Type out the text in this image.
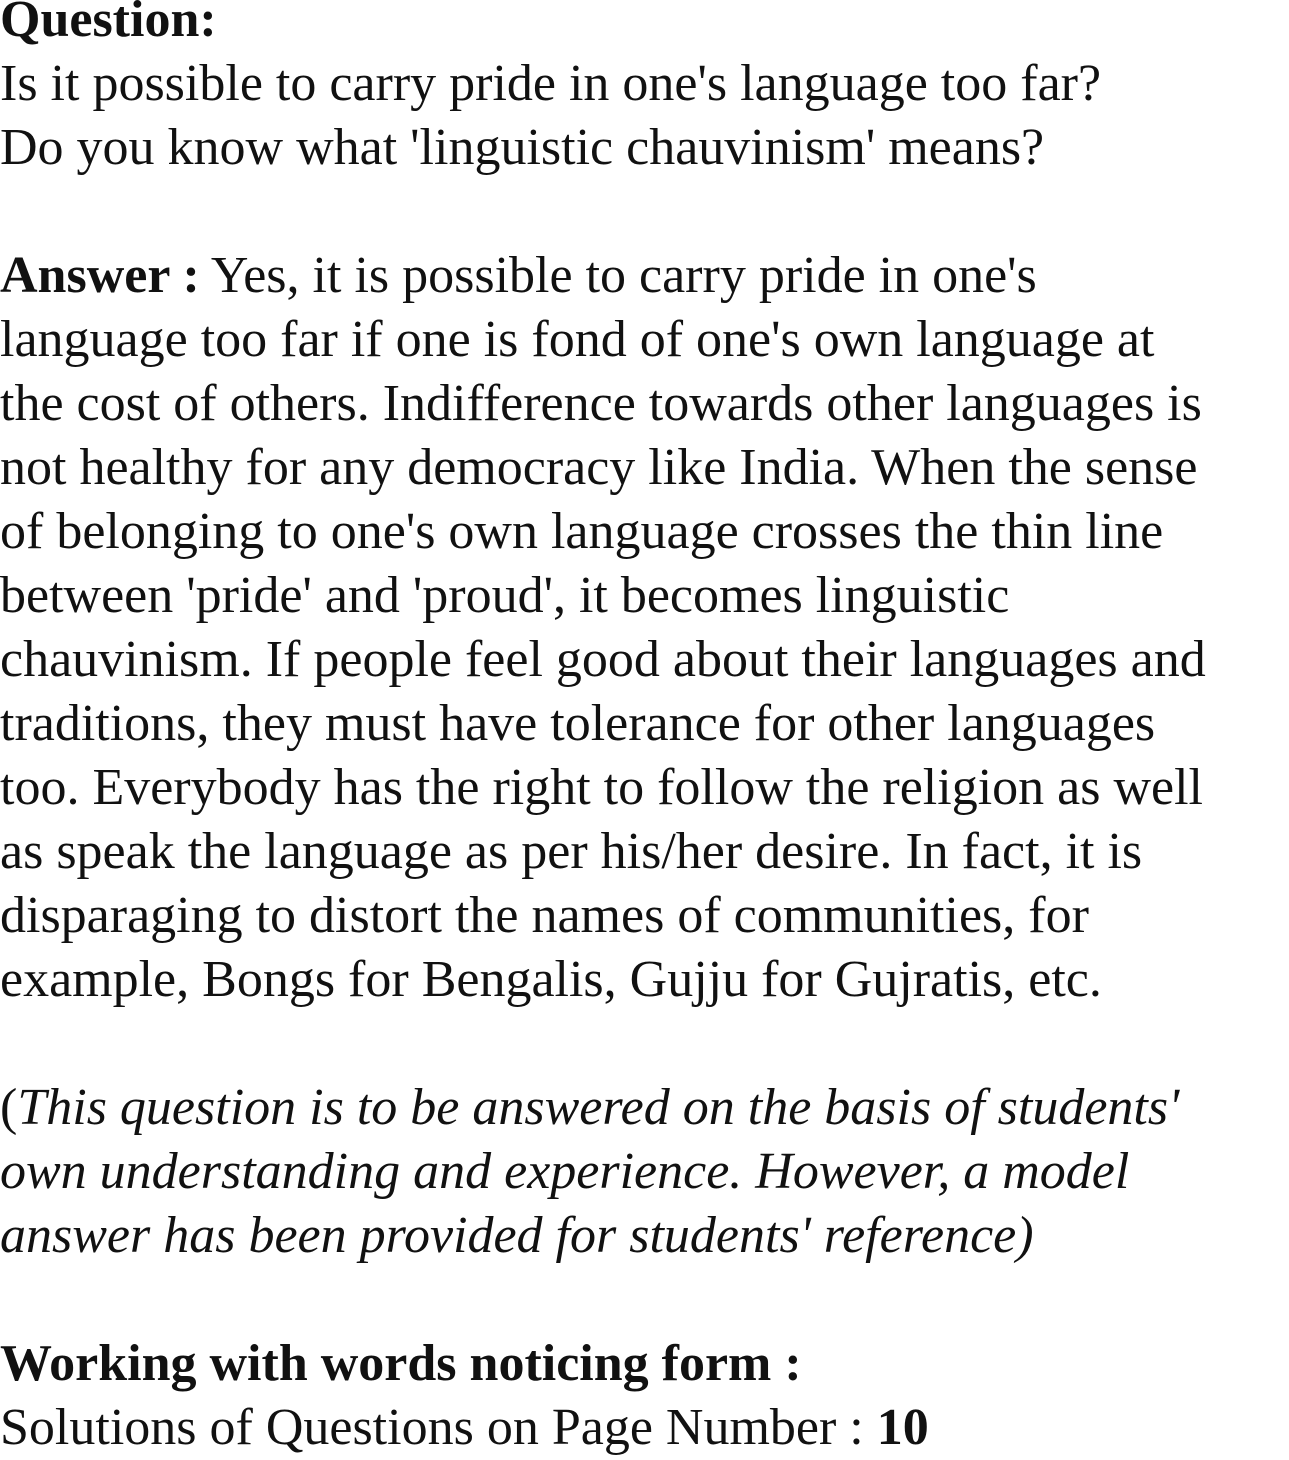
Question:
Is it possible to carry pride in one's language too far?
Do you know what 'linguistic chauvinism' means?
Answer : Yes, it is possible to carry pride in one's
language too far if one is fond of one's own language at
the cost of others. Indifference towards other languages is
not healthy for any democracy like India. When the sense
of belonging to one's own language crosses the thin line
between 'pride' and 'proud', it becomes linguistic
chauvinism. If people feel good about their languages and
traditions, they must have tolerance for other languages
too. Everybody has the right to follow the religion as well
as speak the language as per his/her desire. In fact, it is
disparaging to distort the names of communities, for
example, Bongs for Bengalis, Gujju for Gujratis, etc.
(This question is to be answered on the basis of students'
own understanding and experience. However, a model
answer has been provided for students' reference)
Working with words noticing form :
Solutions of Questions on Page Number : 10
